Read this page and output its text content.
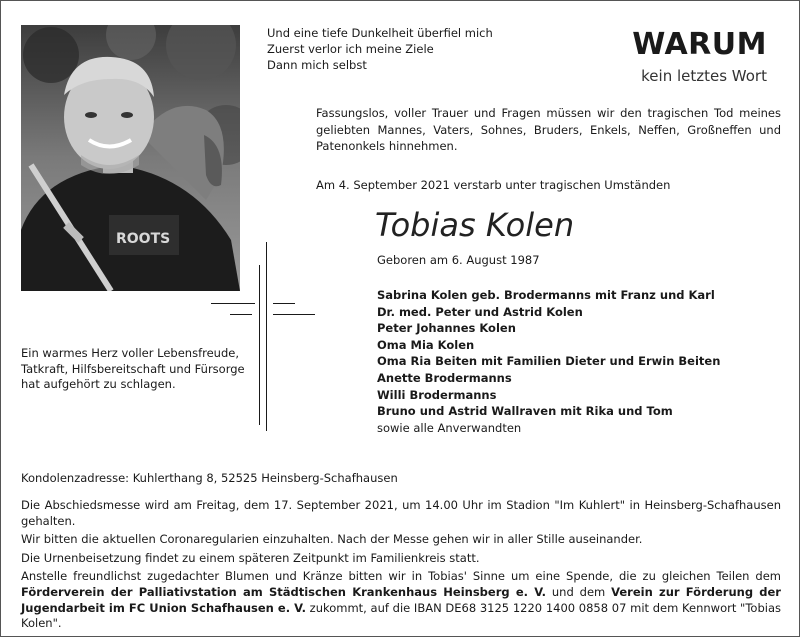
ROOTS
Und eine tiefe Dunkelheit überfiel mich
Zuerst verlor ich meine Ziele
Dann mich selbst
WARUM
kein letztes Wort
Fassungslos, voller Trauer und Fragen müssen wir den tragischen Tod meines geliebten Mannes, Vaters, Sohnes, Bruders, Enkels, Neffen, Großneffen und Patenonkels hinnehmen.
Am 4. September 2021 verstarb unter tragischen Umständen
Tobias Kolen
Geboren am 6. August 1987
Sabrina Kolen geb. Brodermanns mit Franz und Karl
Dr. med. Peter und Astrid Kolen
Peter Johannes Kolen
Oma Mia Kolen
Oma Ria Beiten mit Familien Dieter und Erwin Beiten
Anette Brodermanns
Willi Brodermanns
Bruno und Astrid Wallraven mit Rika und Tom
sowie alle Anverwandten
Ein warmes Herz voller Lebensfreude,
Tatkraft, Hilfsbereitschaft und Fürsorge
hat aufgehört zu schlagen.
Kondolenzadresse: Kuhlerthang 8, 52525 Heinsberg-Schafhausen

Die Abschiedsmesse wird am Freitag, dem 17. September 2021, um 14.00 Uhr im Stadion "Im Kuhlert" in Heinsberg-Schafhausen gehalten.

Wir bitten die aktuellen Coronaregularien einzuhalten. Nach der Messe gehen wir in aller Stille auseinander.

Die Urnenbeisetzung findet zu einem späteren Zeitpunkt im Familienkreis statt.

Anstelle freundlichst zugedachter Blumen und Kränze bitten wir in Tobias' Sinne um eine Spende, die zu gleichen Teilen dem Förderverein der Palliativstation am Städtischen Krankenhaus Heinsberg e. V. und dem Verein zur Förderung der Jugendarbeit im FC Union Schafhausen e. V. zukommt, auf die IBAN DE68 3125 1220 1400 0858 07 mit dem Kennwort "Tobias Kolen".
